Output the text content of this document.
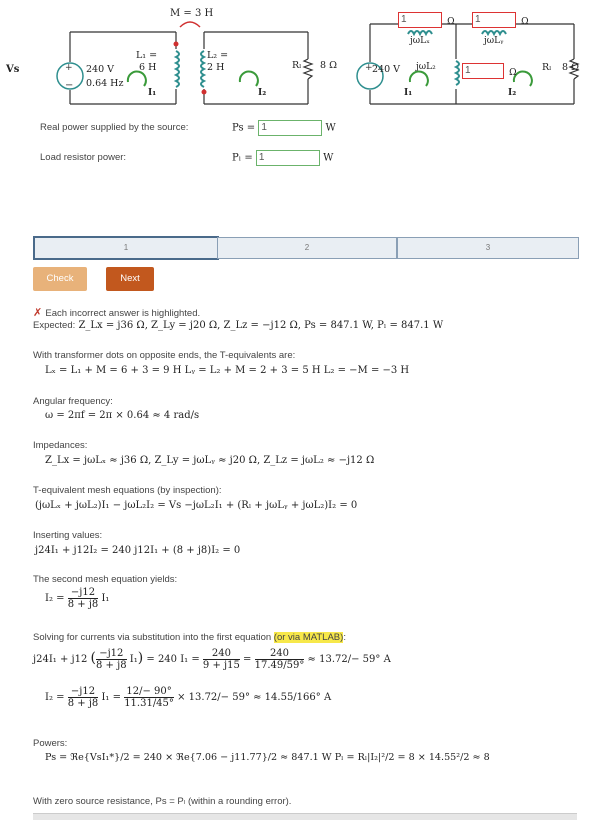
+
−
M = 3 H
Vs	240 V
0.64 Hz
L₁ =
6 H
L₂ =
2 H	Rₗ 8 Ω
I₁	I₂
+
1	Ω	1	Ω
jωLₓ	jωLᵧ
240 V jωL₂	1	Ω	Rₗ 8 Ω
I₁	I₂
Real power supplied by the source:	Ps = 1	W
Load resistor power:	Pₗ = 1	W
1	2	3
Check	Next
✗ Each incorrect answer is highlighted.
Expected: Z_Lx = j36 Ω, Z_Ly = j20 Ω, Z_Lz = −j12 Ω, Ps = 847.1 W, Pₗ = 847.1 W
With transformer dots on opposite ends, the T-equivalents are:
Lₓ = L₁ + M = 6 + 3 = 9 H Lᵧ = L₂ + M = 2 + 3 = 5 H L₂ = −M = −3 H
Angular frequency:
ω = 2πf = 2π × 0.64 ≈ 4 rad/s
Impedances:
Z_Lx = jωLₓ ≈ j36 Ω, Z_Ly = jωLᵧ ≈ j20 Ω, Z_Lz = jωL₂ ≈ −j12 Ω
T-equivalent mesh equations (by inspection):
(jωLₓ + jωL₂)I₁ − jωL₂I₂ = Vs −jωL₂I₁ + (Rₗ + jωLᵧ + jωL₂)I₂ = 0
Inserting values:
j24I₁ + j12I₂ = 240 j12I₁ + (8 + j8)I₂ = 0
The second mesh equation yields:
$I_2 = \frac{-j12}{8 + j8} I_1$
Solving for currents via substitution into the first equation (or via MATLAB):
j24I₁ + j12 ( $\frac{-j12}{8 + j8} I_1) = 240$ $I_1 = \frac{240}{9 + j15} = \frac{240}{17.49/59^\circ} \approx 13.72/- 59^\circ$ A
$I_2 = \frac{-j12}{8 + j8} I_1 = \frac{12/- 90^\circ}{11.31/45^\circ} \times 13.72/- 59^\circ \approx 14.55/166^\circ$ A
Powers:
Ps = ℜe{VsI₁*}/2 = 240 × ℜe{7.06 − j11.77}/2 ≈ 847.1 W Pₗ = Rₗ|I₂|²/2 = 8 × 14.55²/2 ≈ 8
With zero source resistance, Ps = Pₗ (within a rounding error).
